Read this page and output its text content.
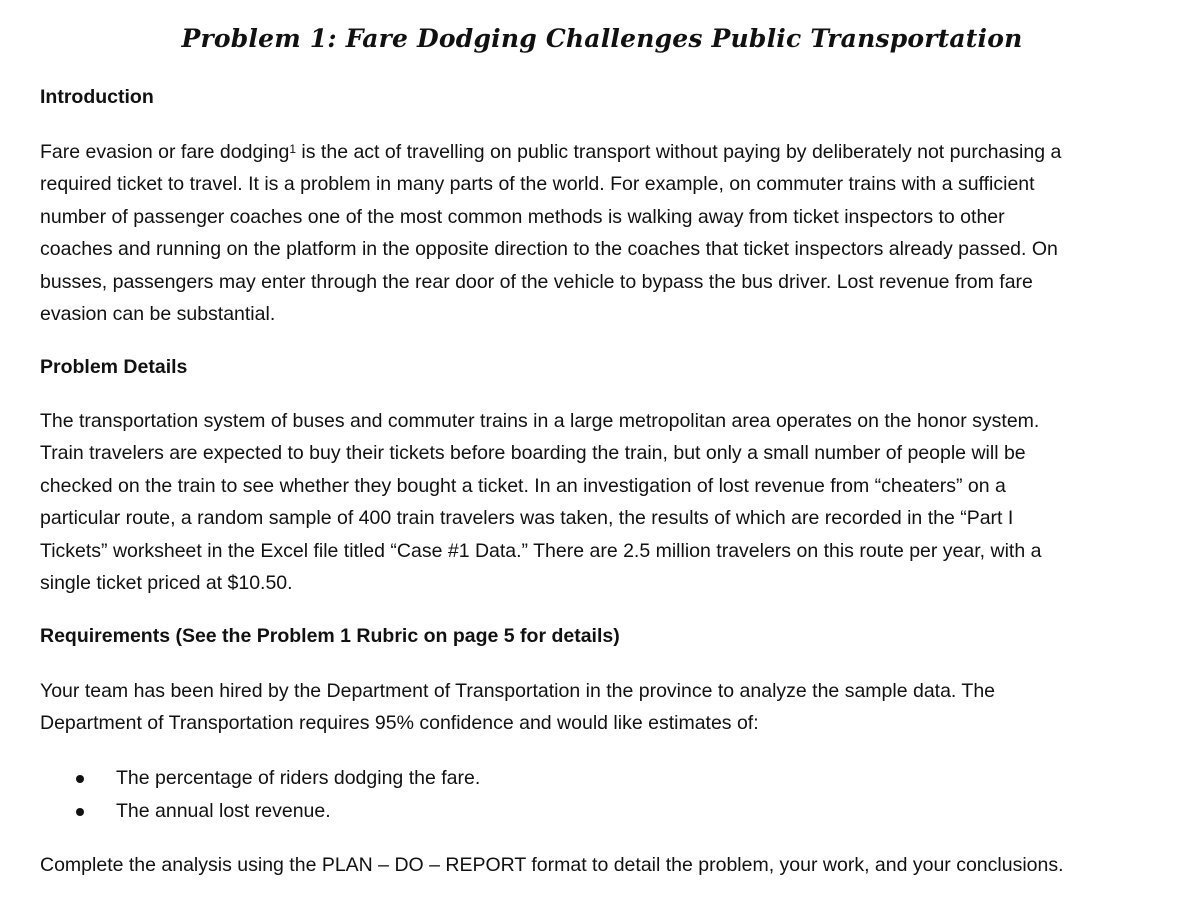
Problem 1: Fare Dodging Challenges Public Transportation
Introduction
Fare evasion or fare dodging$^1$ is the act of travelling on public transport without paying by deliberately not purchasing a
required ticket to travel. It is a problem in many parts of the world. For example, on commuter trains with a sufficient
number of passenger coaches one of the most common methods is walking away from ticket inspectors to other
coaches and running on the platform in the opposite direction to the coaches that ticket inspectors already passed. On
busses, passengers may enter through the rear door of the vehicle to bypass the bus driver. Lost revenue from fare
evasion can be substantial.
Problem Details
The transportation system of buses and commuter trains in a large metropolitan area operates on the honor system.
Train travelers are expected to buy their tickets before boarding the train, but only a small number of people will be
checked on the train to see whether they bought a ticket. In an investigation of lost revenue from “cheaters” on a
particular route, a random sample of 400 train travelers was taken, the results of which are recorded in the “Part I
Tickets” worksheet in the Excel file titled “Case #1 Data.” There are 2.5 million travelers on this route per year, with a
single ticket priced at $10.50.
Requirements (See the Problem 1 Rubric on page 5 for details)
Your team has been hired by the Department of Transportation in the province to analyze the sample data. The
Department of Transportation requires 95% confidence and would like estimates of:
The percentage of riders dodging the fare.
The annual lost revenue.
Complete the analysis using the PLAN – DO – REPORT format to detail the problem, your work, and your conclusions.
